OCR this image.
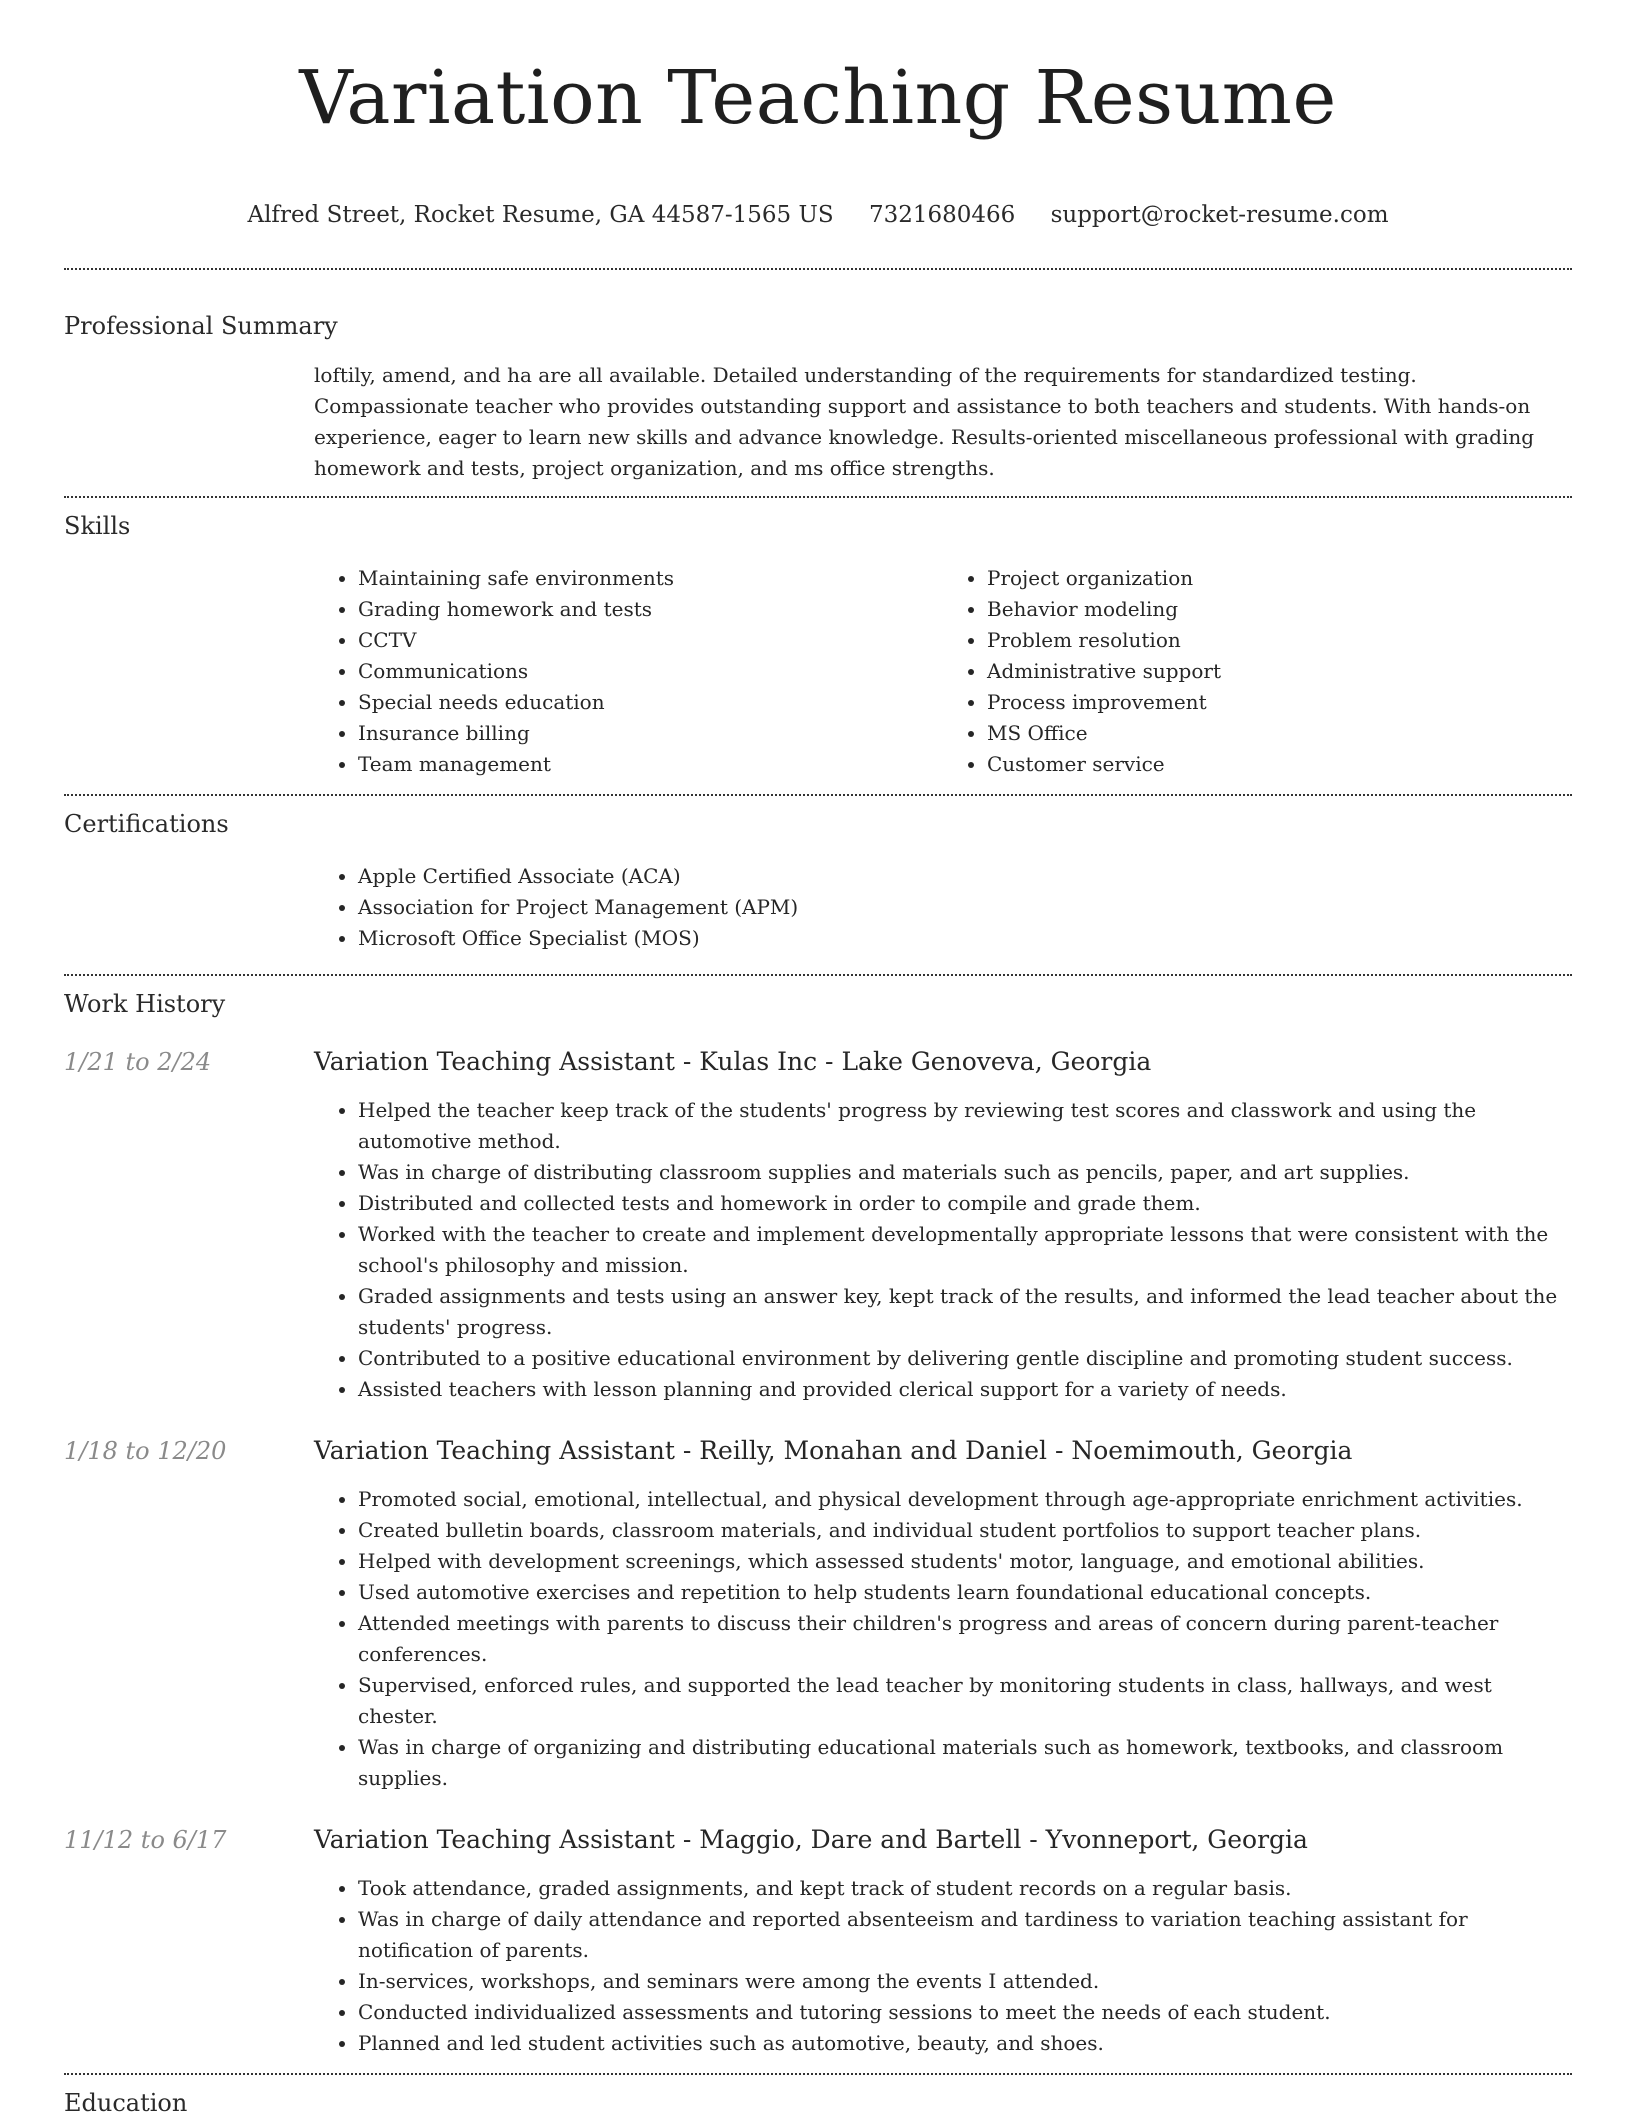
Variation Teaching Resume
Alfred Street, Rocket Resume, GA 44587-1565 US 7321680466 support@rocket-resume.com
Professional Summary
loftily, amend, and ha are all available. Detailed understanding of the requirements for standardized testing. Compassionate teacher who provides outstanding support and assistance to both teachers and students. With hands-on experience, eager to learn new skills and advance knowledge. Results-oriented miscellaneous professional with grading homework and tests, project organization, and ms office strengths.
Skills
• Maintaining safe environments
• Grading homework and tests
• CCTV
• Communications
• Special needs education
• Insurance billing
• Team management
• Project organization
• Behavior modeling
• Problem resolution
• Administrative support
• Process improvement
• MS Office
• Customer service
Certifications
• Apple Certified Associate (ACA)
• Association for Project Management (APM)
• Microsoft Office Specialist (MOS)
Work History
1/21 to 2/24	Variation Teaching Assistant - Kulas Inc - Lake Genoveva, Georgia
• Helped the teacher keep track of the students' progress by reviewing test scores and classwork and using the automotive method.
• Was in charge of distributing classroom supplies and materials such as pencils, paper, and art supplies.
• Distributed and collected tests and homework in order to compile and grade them.
• Worked with the teacher to create and implement developmentally appropriate lessons that were consistent with the school's philosophy and mission.
• Graded assignments and tests using an answer key, kept track of the results, and informed the lead teacher about the students' progress.
• Contributed to a positive educational environment by delivering gentle discipline and promoting student success.
• Assisted teachers with lesson planning and provided clerical support for a variety of needs.
1/18 to 12/20	Variation Teaching Assistant - Reilly, Monahan and Daniel - Noemimouth, Georgia
• Promoted social, emotional, intellectual, and physical development through age-appropriate enrichment activities.
• Created bulletin boards, classroom materials, and individual student portfolios to support teacher plans.
• Helped with development screenings, which assessed students' motor, language, and emotional abilities.
• Used automotive exercises and repetition to help students learn foundational educational concepts.
• Attended meetings with parents to discuss their children's progress and areas of concern during parent-teacher conferences.
• Supervised, enforced rules, and supported the lead teacher by monitoring students in class, hallways, and west chester.
• Was in charge of organizing and distributing educational materials such as homework, textbooks, and classroom supplies.
11/12 to 6/17	Variation Teaching Assistant - Maggio, Dare and Bartell - Yvonneport, Georgia
• Took attendance, graded assignments, and kept track of student records on a regular basis.
• Was in charge of daily attendance and reported absenteeism and tardiness to variation teaching assistant for notification of parents.
• In-services, workshops, and seminars were among the events I attended.
• Conducted individualized assessments and tutoring sessions to meet the needs of each student.
• Planned and led student activities such as automotive, beauty, and shoes.
Education
